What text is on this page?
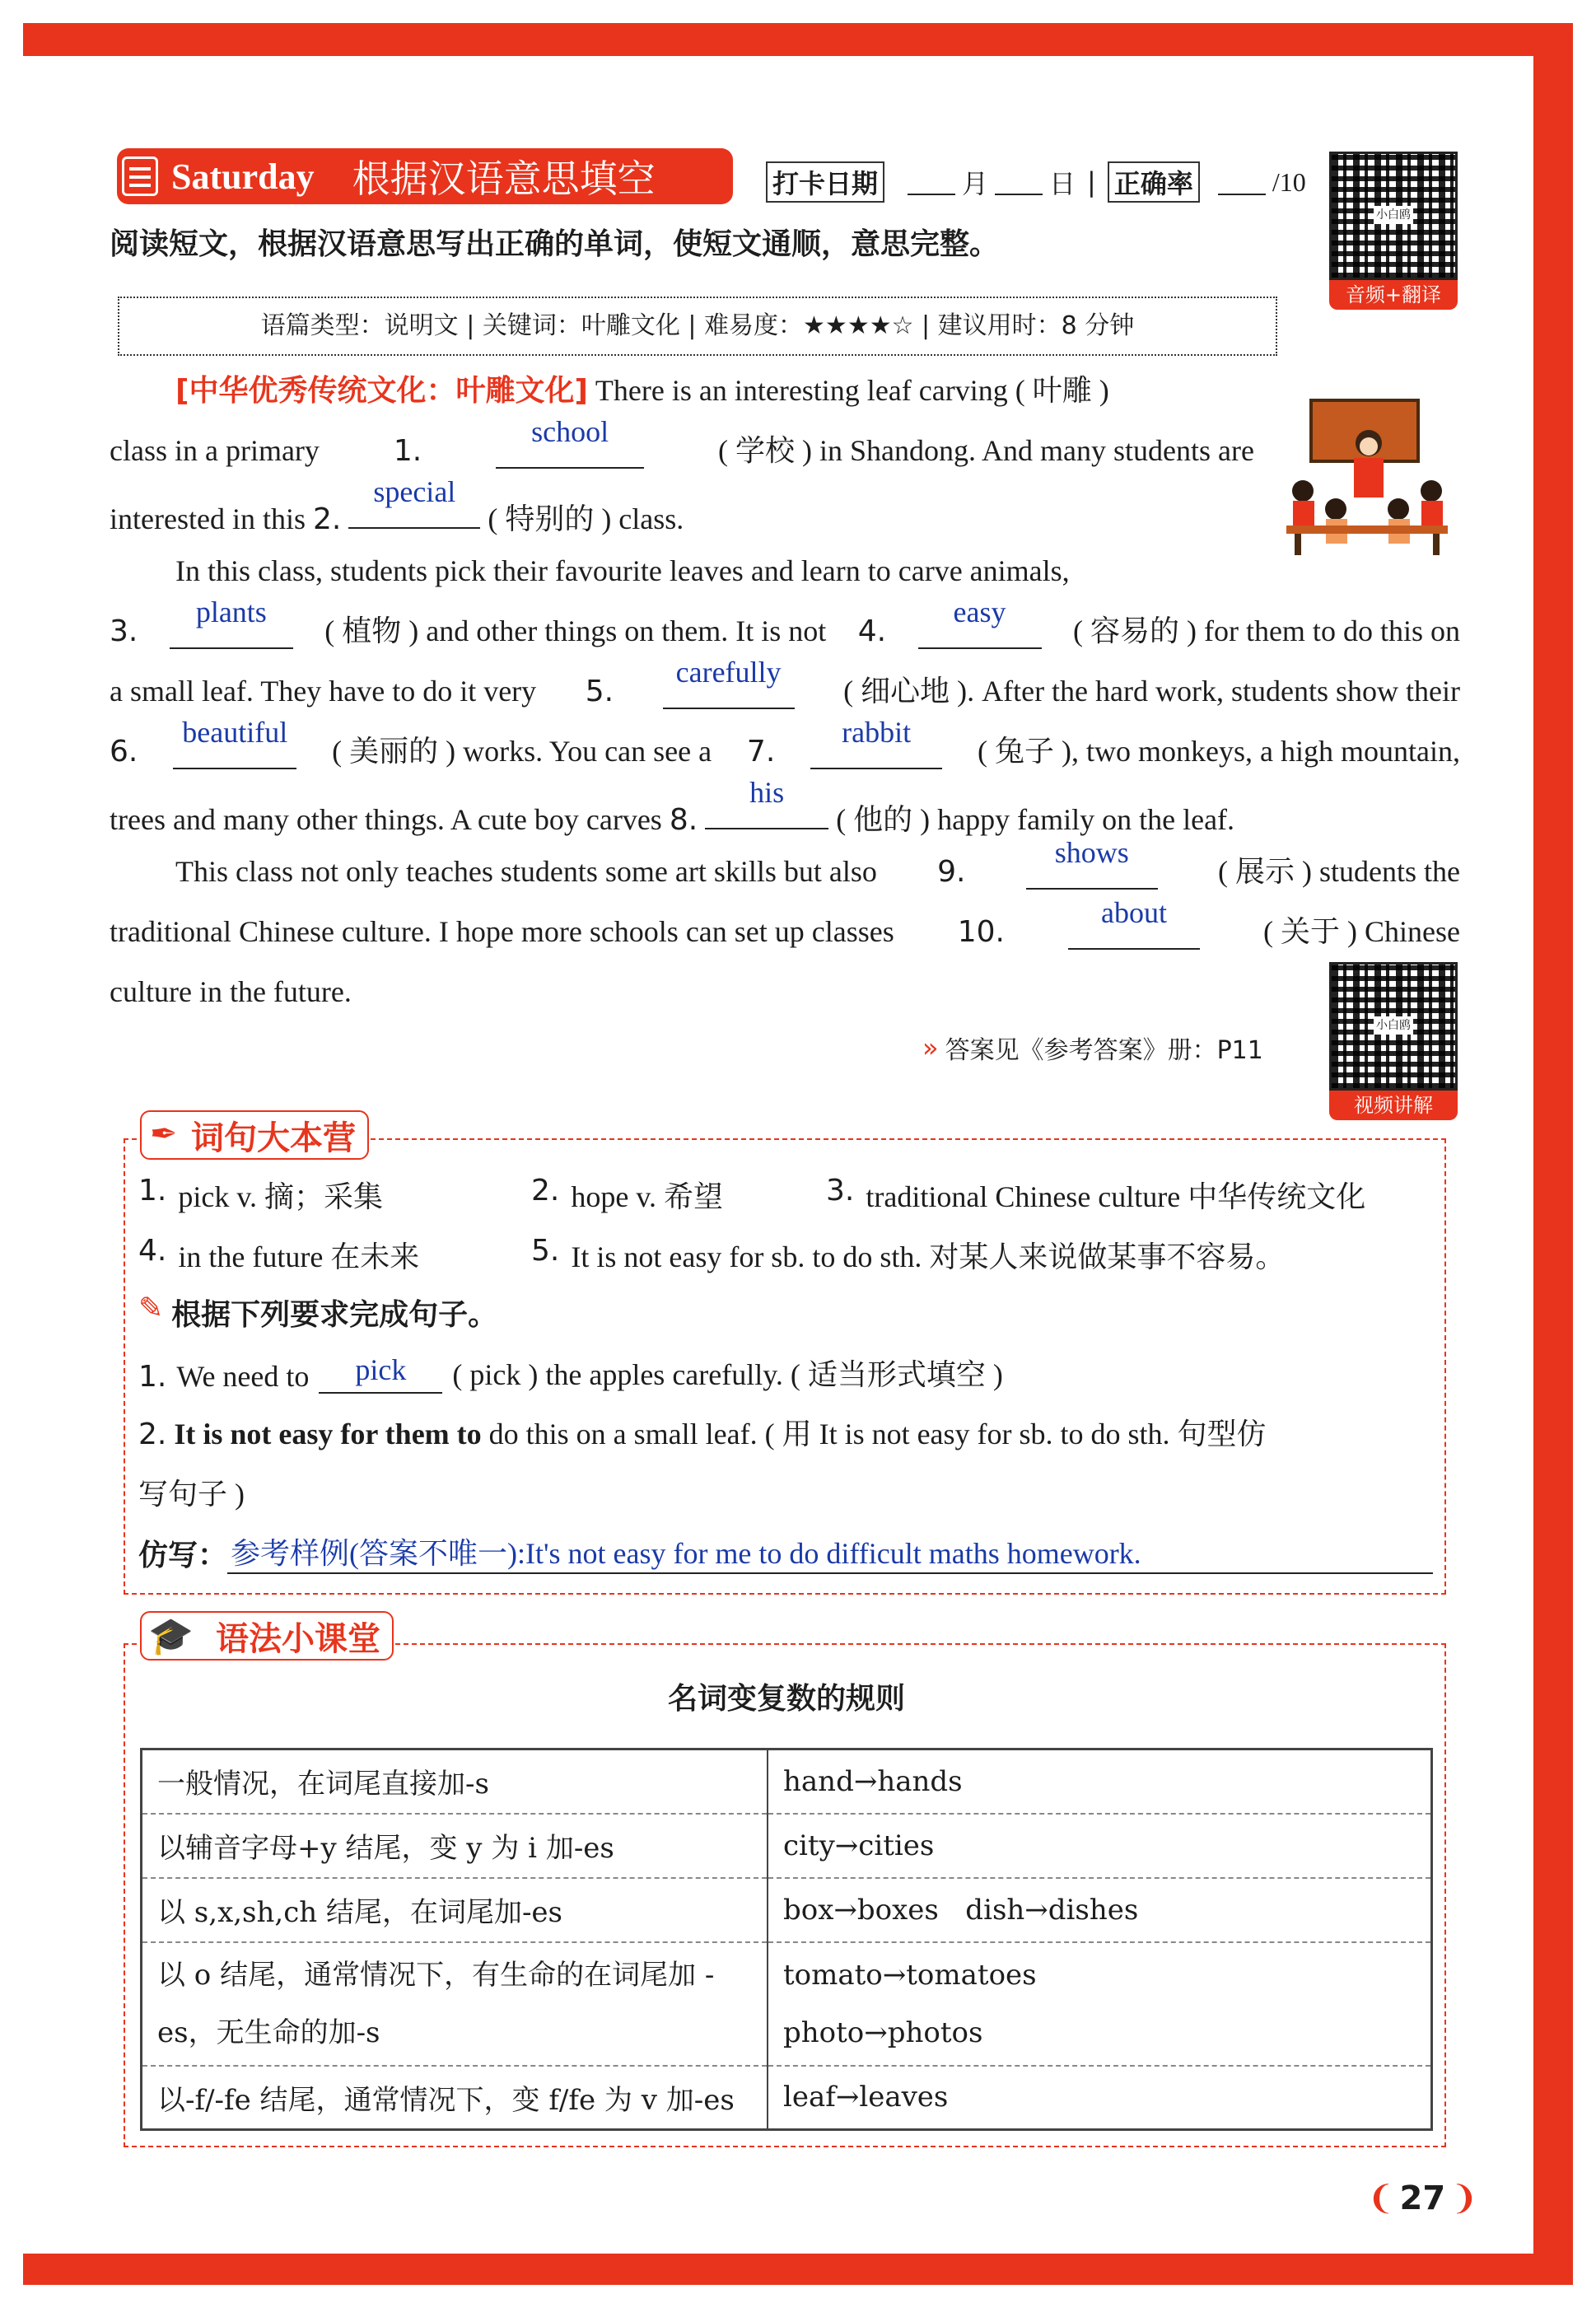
Saturday 根据汉语意思填空	打卡日期	月 日 | 正确率	/10
小白鸥
音频+翻译
阅读短文，根据汉语意思写出正确的单词，使短文通顺，意思完整。
语篇类型：说明文 | 关键词：叶雕文化 | 难易度：★★★★☆ | 建议用时：8 分钟
[中华优秀传统文化：叶雕文化] There is an interesting leaf carving ( 叶雕 )
class in a primary 1.
school
( 学校 ) in Shandong. And many students are
interested in this 2.
special
( 特别的 ) class.
In this class, students pick their favourite leaves and learn to carve animals,
3.
plants
( 植物 ) and other things on them. It is not 4.
easy
( 容易的 ) for them to do this on
a small leaf. They have to do it very 5.
carefully
( 细心地 ). After the hard work, students show their
6.
beautiful
( 美丽的 ) works. You can see a 7.
rabbit
( 兔子 ), two monkeys, a high mountain,
trees and many other things. A cute boy carves 8.
his
( 他的 ) happy family on the leaf.
This class not only teaches students some art skills but also 9.
shows
( 展示 ) students the
traditional Chinese culture. I hope more schools can set up classes 10.
about
( 关于 ) Chinese
culture in the future.
» 答案见《参考答案》册：P11
小白鸥
视频讲解
✒ 词句大本营
1. pick v. 摘；采集	2. hope v. 希望	3. traditional Chinese culture 中华传统文化
4. in the future 在未来	5. It is not easy for sb. to do sth. 对某人来说做某事不容易。
✎ 根据下列要求完成句子。
1. We need to	pick	( pick ) the apples carefully. ( 适当形式填空 )
2. It is not easy for them to do this on a small leaf. ( 用 It is not easy for sb. to do sth. 句型仿
写句子 )
仿写： 参考样例(答案不唯一):It's not easy for me to do difficult maths homework.
🎓 语法小课堂
名词变复数的规则
一般情况，在词尾直接加-s	hand→hands
以辅音字母+y 结尾，变 y 为 i 加-es	city→cities
以 s,x,sh,ch 结尾，在词尾加-es	box→boxes   dish→dishes
以 o 结尾，通常情况下，有生命的在词尾加 -es，无生命的加-s	tomato→tomatoes
photo→photos

以-f/-fe 结尾，通常情况下，变 f/fe 为 v 加-es	leaf→leaves
❨ 27 ❩
